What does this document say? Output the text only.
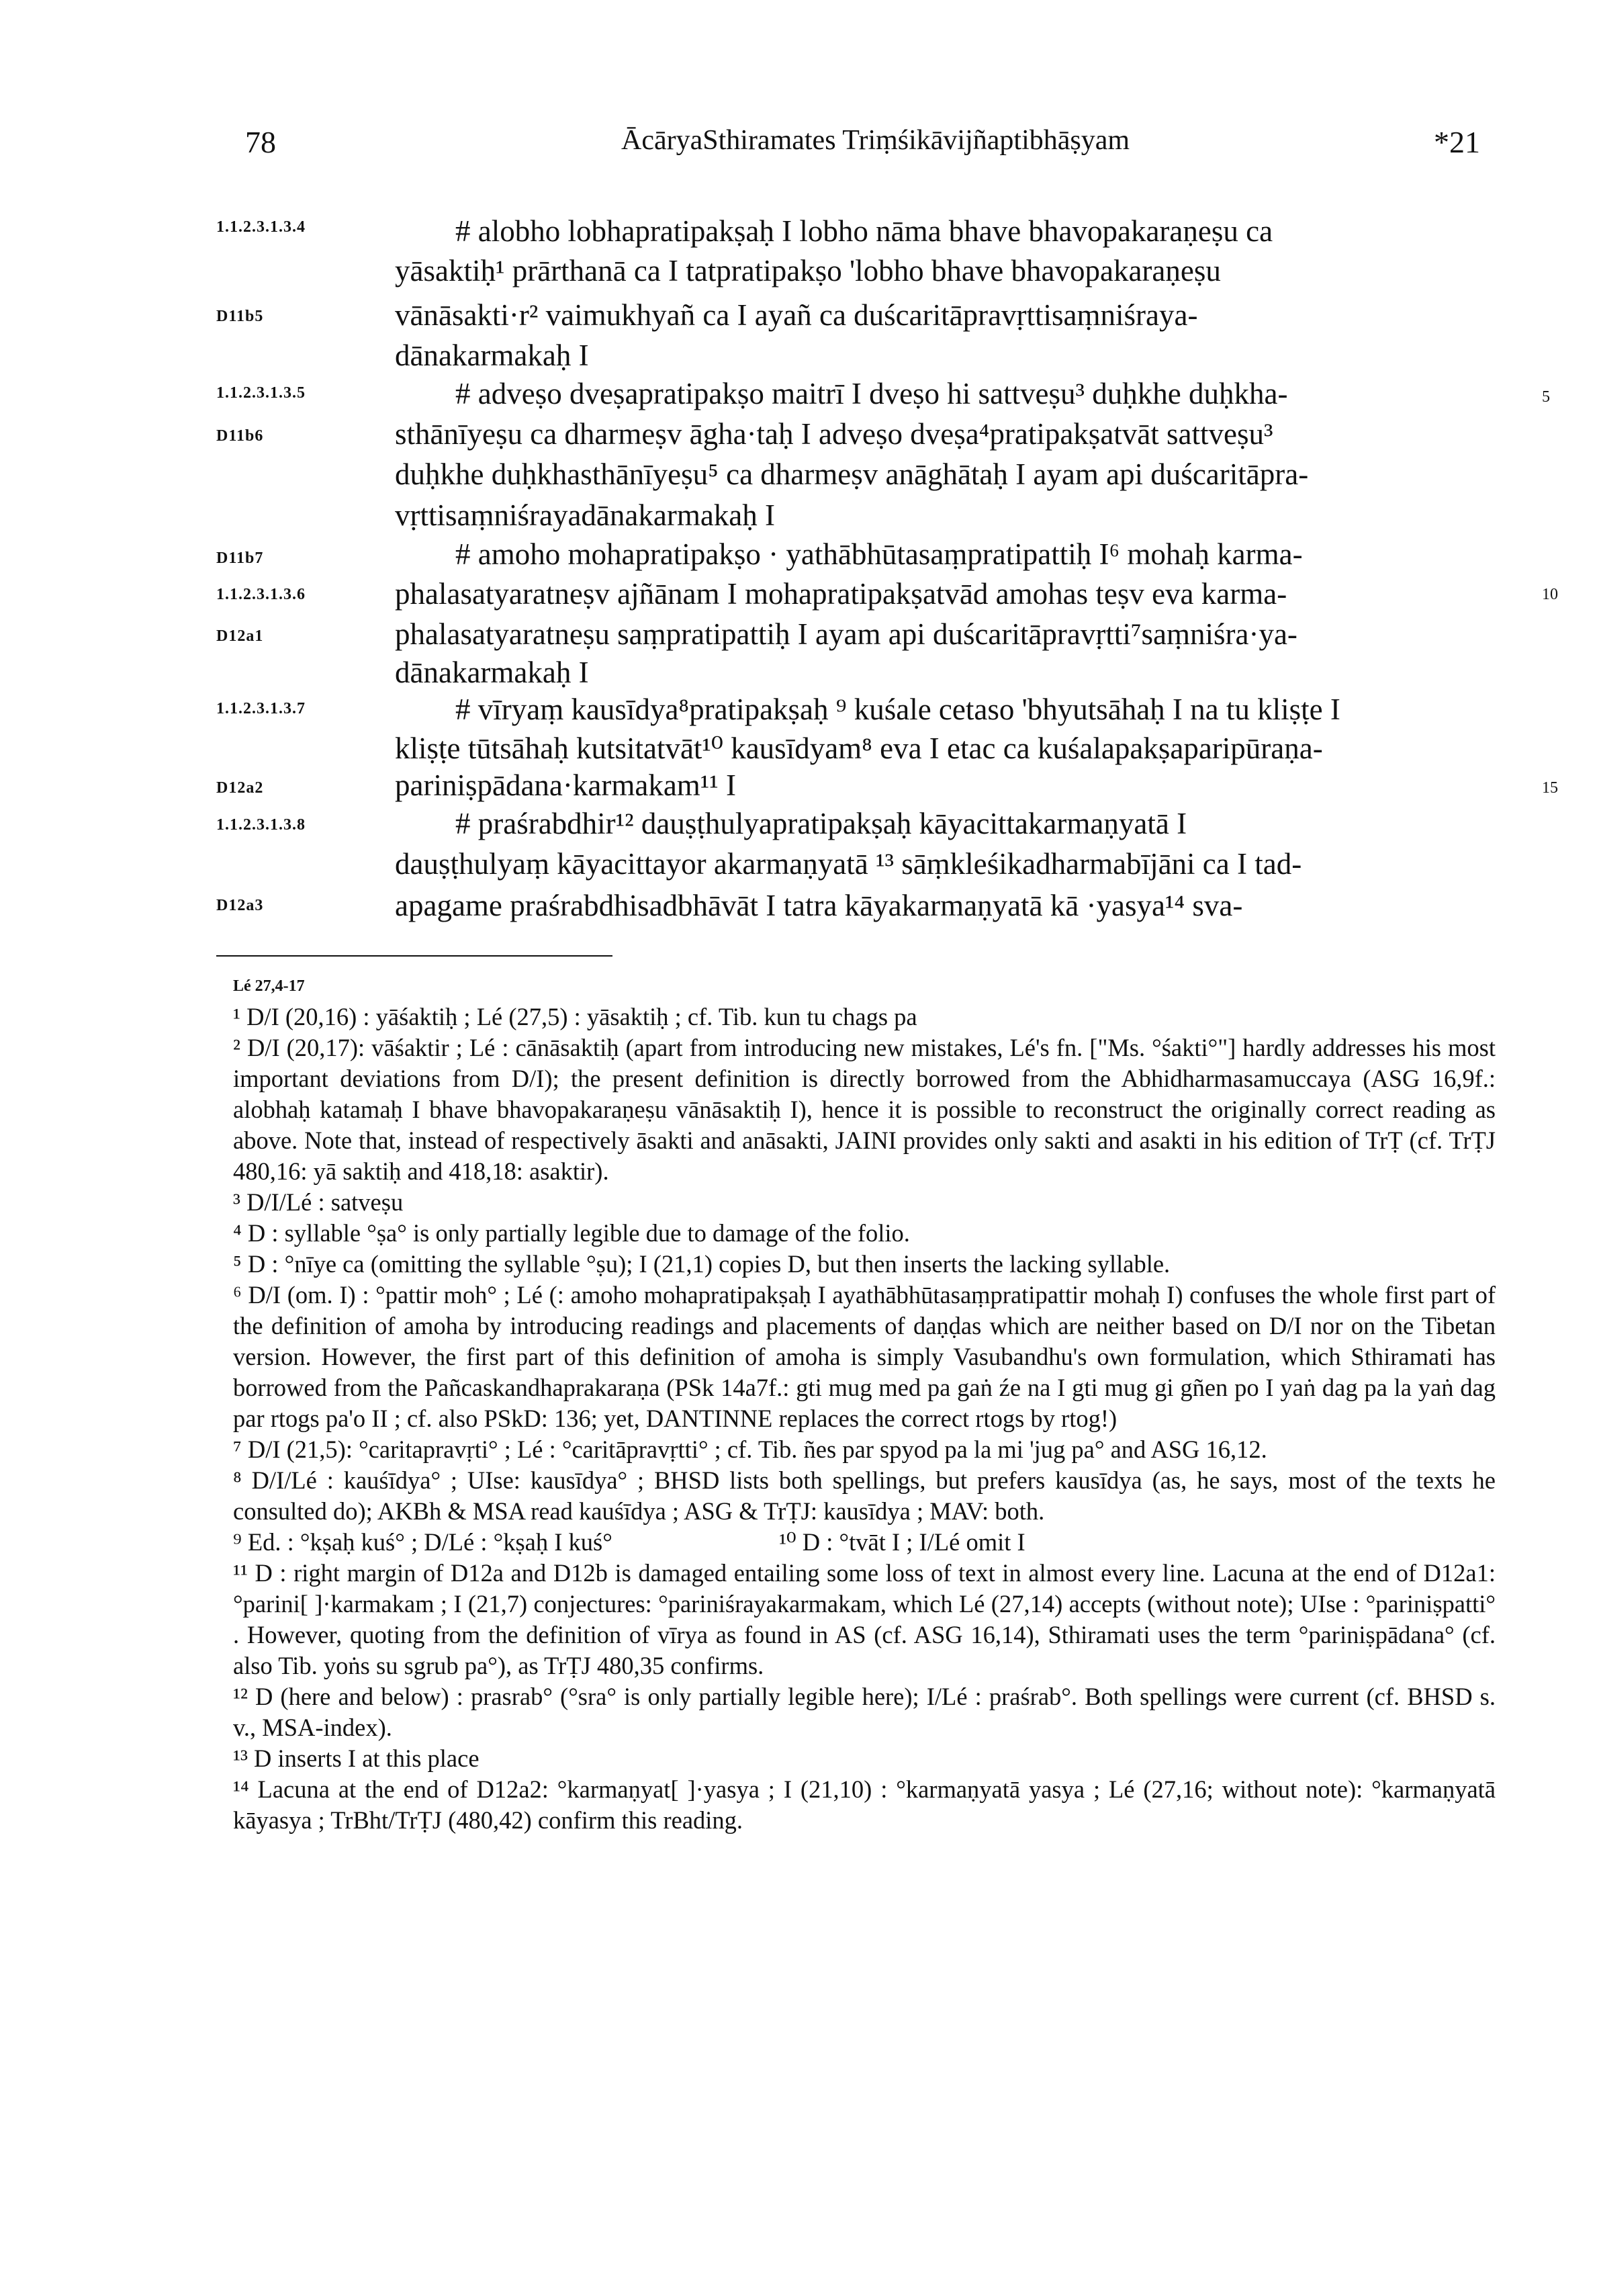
78	ĀcāryaSthiramates Triṃśikāvijñaptibhāṣyam	*21
1.1.2.3.1.3.4
D11b5
1.1.2.3.1.3.5
D11b6
D11b7
1.1.2.3.1.3.6
D12a1
1.1.2.3.1.3.7
D12a2
1.1.2.3.1.3.8
D12a3
# alobho lobhapratipakṣaḥ I lobho nāma bhave bhavopakaraṇeṣu ca
yāsaktiḥ¹ prārthanā ca I tatpratipakṣo 'lobho bhave bhavopakaraṇeṣu
vānāsakti·r² vaimukhyañ ca I ayañ ca duścaritāpravṛttisaṃniśraya-
dānakarmakaḥ I
# adveṣo dveṣapratipakṣo maitrī I dveṣo hi sattveṣu³ duḥkhe duḥkha-
sthānīyeṣu ca dharmeṣv āgha·taḥ I adveṣo dveṣa⁴pratipakṣatvāt sattveṣu³
duḥkhe duḥkhasthānīyeṣu⁵ ca dharmeṣv anāghātaḥ I ayam api duścaritāpra-
vṛttisaṃniśrayadānakarmakaḥ I
# amoho mohapratipakṣo · yathābhūtasaṃpratipattiḥ I⁶ mohaḥ karma-
phalasatyaratneṣv ajñānam I mohapratipakṣatvād amohas teṣv eva karma-
phalasatyaratneṣu saṃpratipattiḥ I ayam api duścaritāpravṛtti⁷saṃniśra·ya-
dānakarmakaḥ I
# vīryaṃ kausīdya⁸pratipakṣaḥ ⁹ kuśale cetaso 'bhyutsāhaḥ I na tu kliṣṭe I
kliṣṭe tūtsāhaḥ kutsitatvāt¹⁰ kausīdyam⁸ eva I etac ca kuśalapakṣaparipūraṇa-
pariniṣpādana·karmakam¹¹ I
# praśrabdhir¹² dauṣṭhulyapratipakṣaḥ kāyacittakarmaṇyatā I
dauṣṭhulyaṃ kāyacittayor akarmaṇyatā ¹³ sāṃkleśikadharmabījāni ca I tad-
apagame praśrabdhisadbhāvāt I tatra kāyakarmaṇyatā kā ·yasya¹⁴ sva-
5
10
15

Lé 27,4-17

¹ D/I (20,16) : yāśaktiḥ ; Lé (27,5) : yāsaktiḥ ; cf. Tib. kun tu chags pa

² D/I (20,17): vāśaktir ; Lé : cānāsaktiḥ (apart from introducing new mistakes, Lé's fn. ["Ms. °śakti°"] hardly addresses his most important deviations from D/I); the present definition is directly borrowed from the Abhidharmasamuccaya (ASG 16,9f.: alobhaḥ katamaḥ I bhave bhavopakaraṇeṣu vānāsaktiḥ I), hence it is possible to reconstruct the originally correct reading as above. Note that, instead of respectively āsakti and anāsakti, JAINI provides only sakti and asakti in his edition of TrṬ (cf. TrṬJ 480,16: yā saktiḥ and 418,18: asaktir).

³ D/I/Lé : satveṣu

⁴ D : syllable °ṣa° is only partially legible due to damage of the folio.

⁵ D : °nīye ca (omitting the syllable °ṣu); I (21,1) copies D, but then inserts the lacking syllable.

⁶ D/I (om. I) : °pattir moh° ; Lé (: amoho mohapratipakṣaḥ I ayathābhūtasaṃpratipattir mohaḥ I) confuses the whole first part of the definition of amoha by introducing readings and placements of daṇḍas which are neither based on D/I nor on the Tibetan version. However, the first part of this definition of amoha is simply Vasubandhu's own formulation, which Sthiramati has borrowed from the Pañcaskandhaprakaraṇa (PSk 14a7f.: gti mug med pa gaṅ źe na I gti mug gi gñen po I yaṅ dag pa la yaṅ dag par rtogs pa'o II ; cf. also PSkD: 136; yet, DANTINNE replaces the correct rtogs by rtog!)

⁷ D/I (21,5): °caritapravṛti° ; Lé : °caritāpravṛtti° ; cf. Tib. ñes par spyod pa la mi 'jug pa° and ASG 16,12.

⁸ D/I/Lé : kauśīdya° ; UIse: kausīdya° ; BHSD lists both spellings, but prefers kausīdya (as, he says, most of the texts he consulted do); AKBh & MSA read kauśīdya ; ASG & TrṬJ: kausīdya ; MAV: both.

⁹ Ed. : °kṣaḥ kuś° ; D/Lé : °kṣaḥ I kuś°	¹⁰ D : °tvāt I ; I/Lé omit I

¹¹ D : right margin of D12a and D12b is damaged entailing some loss of text in almost every line. Lacuna at the end of D12a1: °parini[ ]·karmakam ; I (21,7) conjectures: °pariniśrayakarmakam, which Lé (27,14) accepts (without note); UIse : °pariniṣpatti° . However, quoting from the definition of vīrya as found in AS (cf. ASG 16,14), Sthiramati uses the term °pariniṣpādana° (cf. also Tib. yoṅs su sgrub pa°), as TrṬJ 480,35 confirms.

¹² D (here and below) : prasrab° (°sra° is only partially legible here); I/Lé : praśrab°. Both spellings were current (cf. BHSD s. v., MSA-index).

¹³ D inserts I at this place

¹⁴ Lacuna at the end of D12a2: °karmaṇyat[ ]·yasya ; I (21,10) : °karmaṇyatā yasya ; Lé (27,16; without note): °karmaṇyatā kāyasya ; TrBht/TrṬJ (480,42) confirm this reading.
